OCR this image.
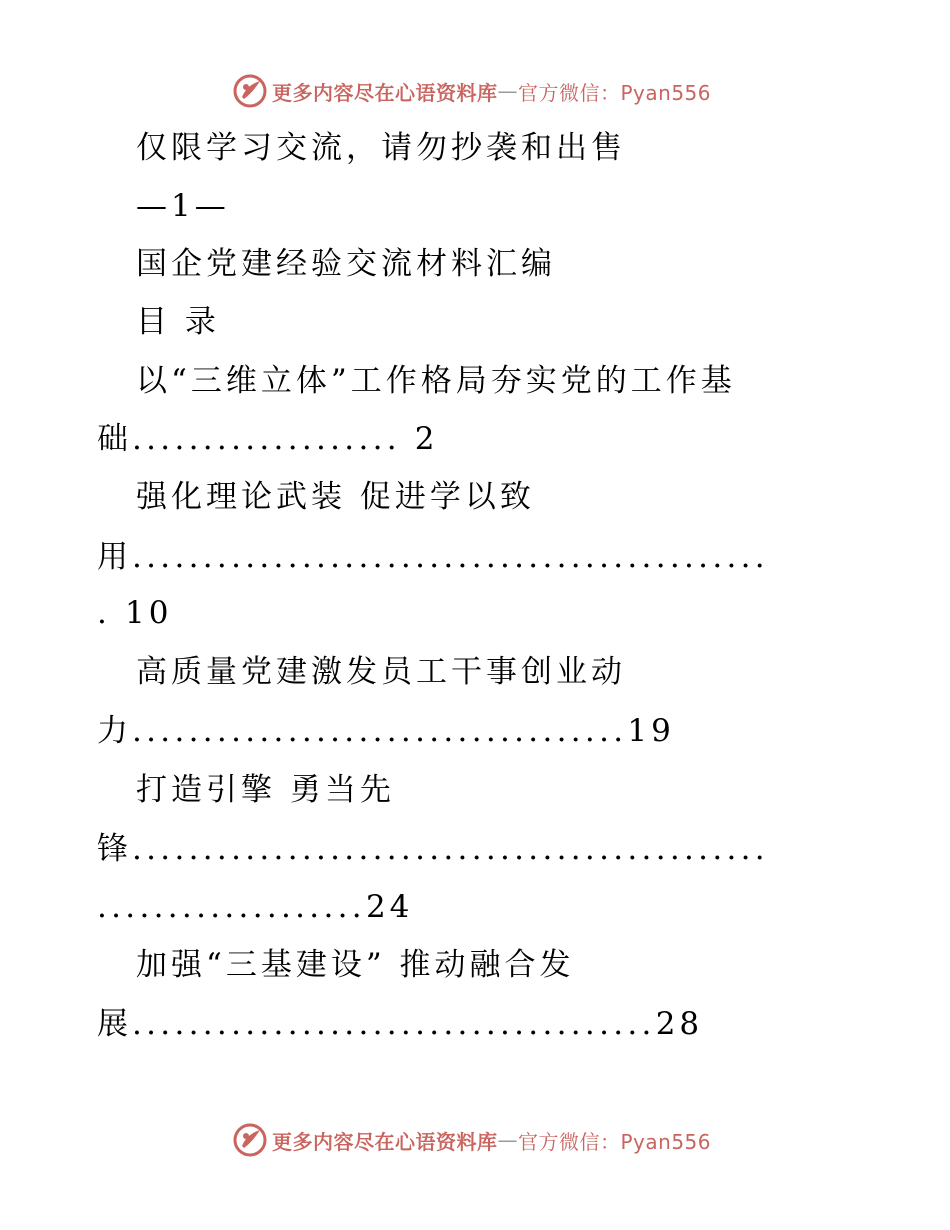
更多内容尽在心语资料库 — 官方微信：Pyan556
仅限学习交流，请勿抄袭和出售
—1—
国企党建经验交流材料汇编
目 录
以“三维立体”工作格局夯实党的工作基
础................... 2
强化理论武装 促进学以致
用.............................................
. 10
高质量党建激发员工干事创业动
力...................................19
打造引擎 勇当先
锋.............................................
...................24
加强“三基建设” 推动融合发
展.....................................28
更多内容尽在心语资料库 — 官方微信：Pyan556
